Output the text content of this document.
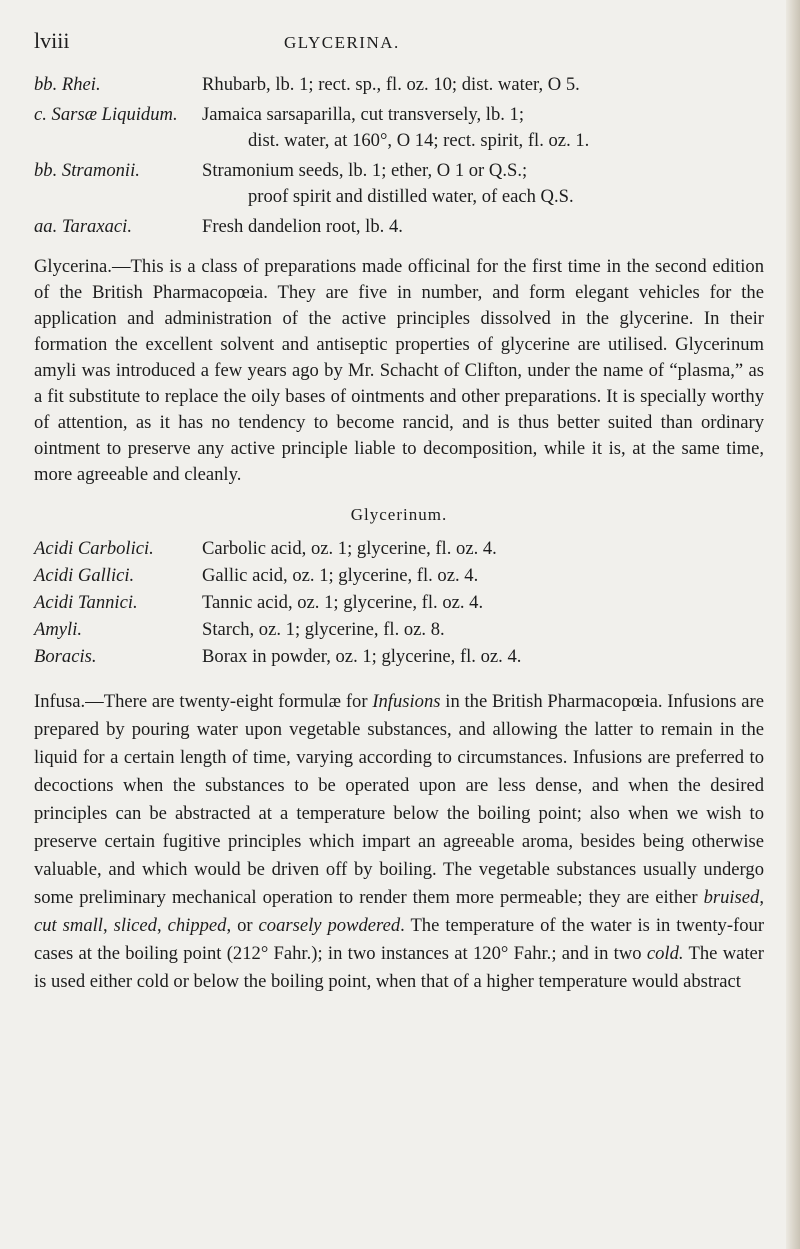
lviii	GLYCERINA.
bb. Rhei.	Rhubarb, lb. 1; rect. sp., fl. oz. 10; dist. water, O 5.
c. Sarsæ Liquidum.	Jamaica sarsaparilla, cut transversely, lb. 1;
dist. water, at 160°, O 14; rect. spirit, fl. oz. 1.
bb. Stramonii.	Stramonium seeds, lb. 1; ether, O 1 or Q.S.;
proof spirit and distilled water, of each Q.S.
aa. Taraxaci.	Fresh dandelion root, lb. 4.

Glycerina.—This is a class of preparations made officinal for the first time in the second edition of the British Pharmacopœia. They are five in number, and form elegant vehicles for the application and administration of the active principles dissolved in the glycerine. In their formation the excellent solvent and antiseptic properties of glycerine are utilised. Glycerinum amyli was introduced a few years ago by Mr. Schacht of Clifton, under the name of “plasma,” as a fit substitute to replace the oily bases of ointments and other preparations. It is specially worthy of attention, as it has no tendency to become rancid, and is thus better suited than ordinary ointment to preserve any active principle liable to decomposition, while it is, at the same time, more agreeable and cleanly.

Glycerinum.
Acidi Carbolici.	Carbolic acid, oz. 1; glycerine, fl. oz. 4.
Acidi Gallici.	Gallic acid, oz. 1; glycerine, fl. oz. 4.
Acidi Tannici.	Tannic acid, oz. 1; glycerine, fl. oz. 4.
Amyli.	Starch, oz. 1; glycerine, fl. oz. 8.
Boracis.	Borax in powder, oz. 1; glycerine, fl. oz. 4.

Infusa.—There are twenty-eight formulæ for Infusions in the British Pharmacopœia. Infusions are prepared by pouring water upon vegetable substances, and allowing the latter to remain in the liquid for a certain length of time, varying according to circumstances. Infusions are preferred to decoctions when the substances to be operated upon are less dense, and when the desired principles can be abstracted at a temperature below the boiling point; also when we wish to preserve certain fugitive principles which impart an agreeable aroma, besides being otherwise valuable, and which would be driven off by boiling. The vegetable substances usually undergo some preliminary mechanical operation to render them more permeable; they are either bruised, cut small, sliced, chipped, or coarsely powdered. The temperature of the water is in twenty-four cases at the boiling point (212° Fahr.); in two instances at 120° Fahr.; and in two cold. The water is used either cold or below the boiling point, when that of a higher temperature would abstract
